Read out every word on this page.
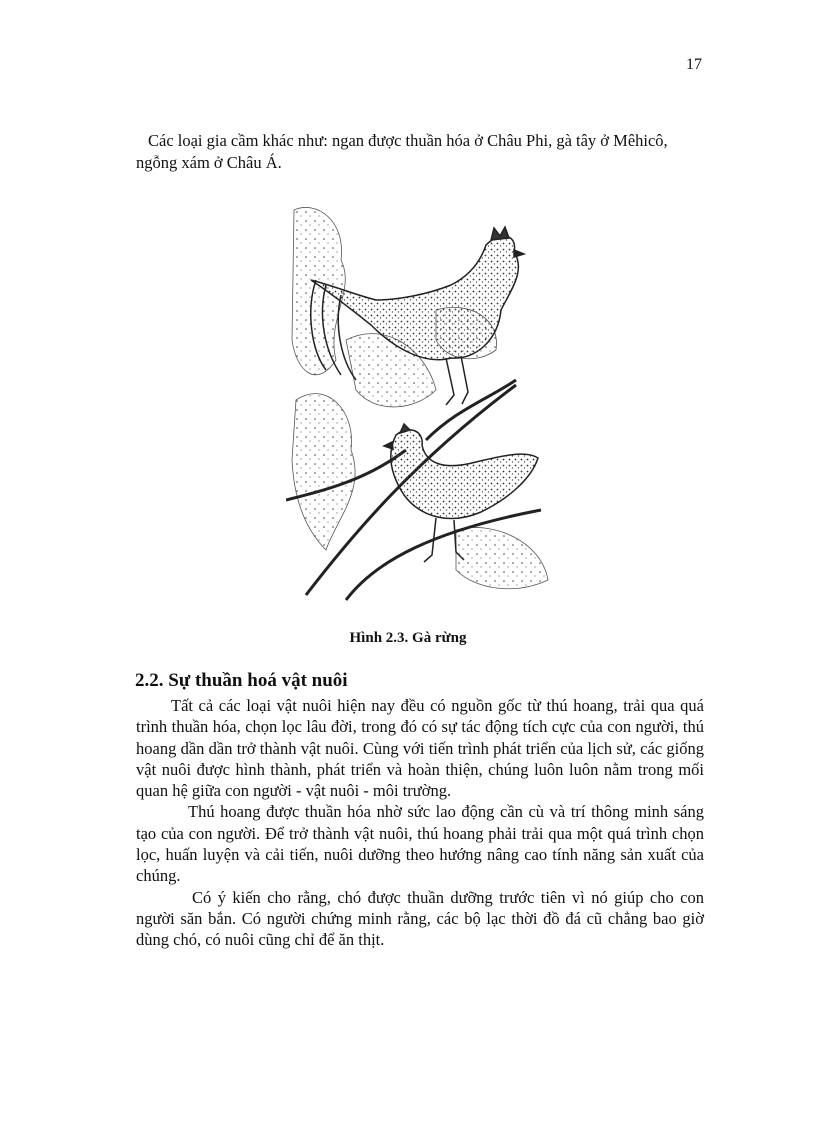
17

Các loại gia cầm khác như: ngan được thuần hóa ở Châu Phi, gà tây ở Mêhicô, ngỗng xám ở Châu Á.

Hình 2.3. Gà rừng
2.2. Sự thuần hoá vật nuôi

Tất cả các loại vật nuôi hiện nay đều có nguồn gốc từ thú hoang, trải qua quá trình thuần hóa, chọn lọc lâu đời, trong đó có sự tác động tích cực của con người, thú hoang dần dần trở thành vật nuôi. Cùng với tiến trình phát triển của lịch sử, các giống vật nuôi được hình thành, phát triển và hoàn thiện, chúng luôn luôn nằm trong mối quan hệ giữa con người - vật nuôi - môi trường.

Thú hoang được thuần hóa nhờ sức lao động cần cù và trí thông minh sáng tạo của con người. Để trở thành vật nuôi, thú hoang phải trải qua một quá trình chọn lọc, huấn luyện và cải tiến, nuôi dưỡng theo hướng nâng cao tính năng sản xuất của chúng.

Có ý kiến cho rằng, chó được thuần dưỡng trước tiên vì nó giúp cho con người săn bắn. Có người chứng minh rằng, các bộ lạc thời đồ đá cũ chẳng bao giờ dùng chó, có nuôi cũng chỉ để ăn thịt.
